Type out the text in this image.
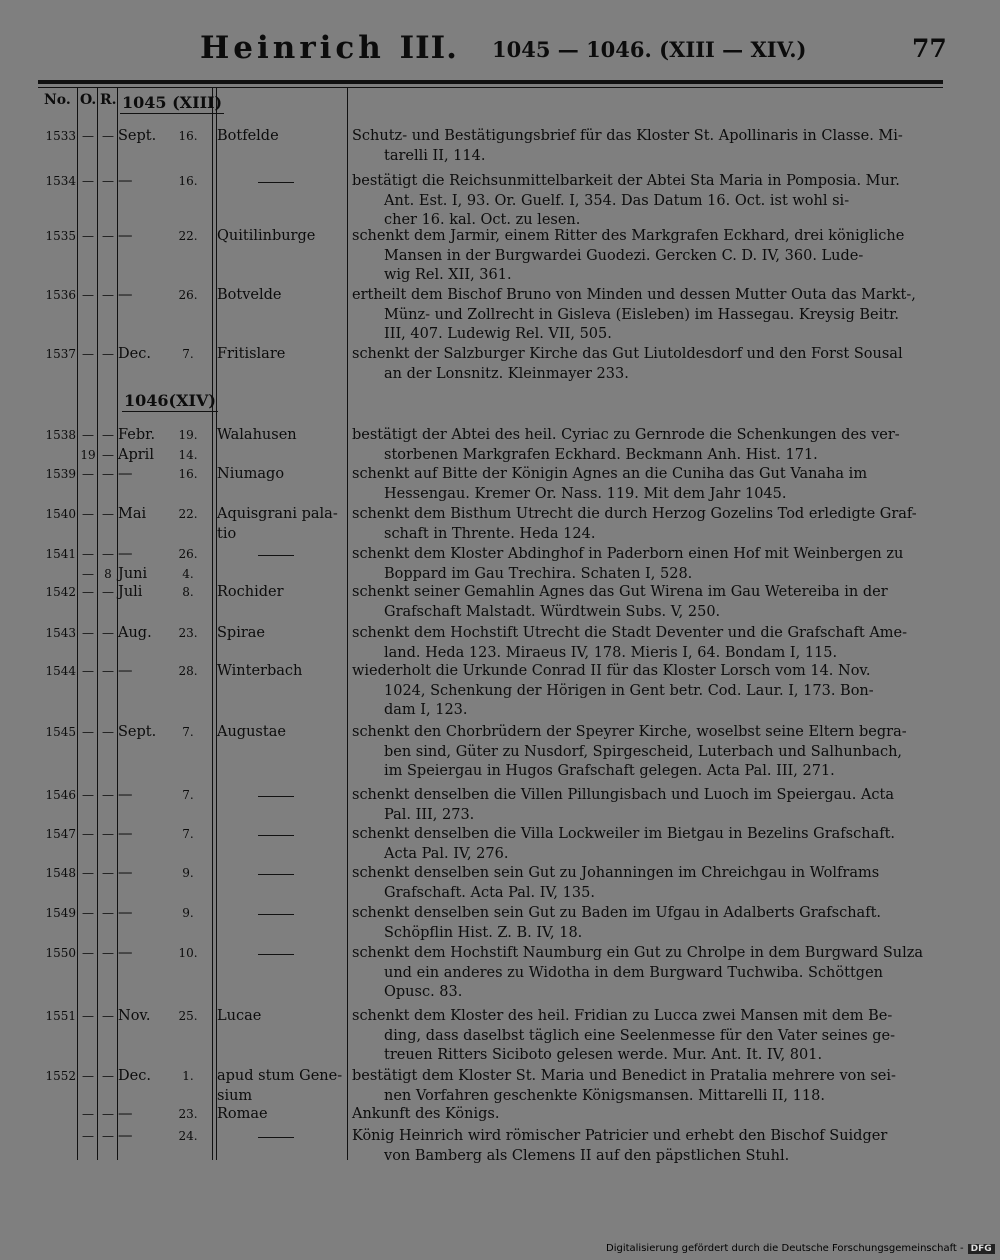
Heinrich III. 1045 — 1046. (XIII — XIV.)	77
No. O. R. 1045 (XIII)
1046(XIV)
1533 — — Sept.	16.	Botfelde	Schutz- und Bestätigungsbrief für das Kloster St. Apollinaris in Classe. Mi-
tarelli II, 114.
1534 — — —	16.	bestätigt die Reichsunmittelbarkeit der Abtei Sta Maria in Pomposia. Mur.
Ant. Est. I, 93. Or. Guelf. I, 354. Das Datum 16. Oct. ist wohl si-
cher 16. kal. Oct. zu lesen.
1535 — — —	22.	Quitilinburge	schenkt dem Jarmir, einem Ritter des Markgrafen Eckhard, drei königliche
Mansen in der Burgwardei Guodezi. Gercken C. D. IV, 360. Lude-
wig Rel. XII, 361.
1536 — — —	26.	Botvelde	ertheilt dem Bischof Bruno von Minden und dessen Mutter Outa das Markt-,
Münz- und Zollrecht in Gisleva (Eisleben) im Hassegau. Kreysig Beitr.
III, 407. Ludewig Rel. VII, 505.
1537 — — Dec.	7.	Fritislare	schenkt der Salzburger Kirche das Gut Liutoldesdorf und den Forst Sousal
an der Lonsnitz. Kleinmayer 233.
1538 — — Febr.	19.	Walahusen	bestätigt der Abtei des heil. Cyriac zu Gernrode die Schenkungen des ver-
storbenen Markgrafen Eckhard. Beckmann Anh. Hist. 171.
19 — April	14.
1539 — — —	16.	Niumago	schenkt auf Bitte der Königin Agnes an die Cuniha das Gut Vanaha im
Hessengau. Kremer Or. Nass. 119. Mit dem Jahr 1045.
1540 — — Mai	22.	Aquisgrani pala- tio
schenkt dem Bisthum Utrecht die durch Herzog Gozelins Tod erledigte Graf-
schaft in Thrente. Heda 124.
1541 — — —	26.	schenkt dem Kloster Abdinghof in Paderborn einen Hof mit Weinbergen zu
Boppard im Gau Trechira. Schaten I, 528.
— 8 Juni	4.
1542 — — Juli	8.	Rochider	schenkt seiner Gemahlin Agnes das Gut Wirena im Gau Wetereiba in der
Grafschaft Malstadt. Würdtwein Subs. V, 250.
1543 — — Aug.	23.	Spirae	schenkt dem Hochstift Utrecht die Stadt Deventer und die Grafschaft Ame-
land. Heda 123. Miraeus IV, 178. Mieris I, 64. Bondam I, 115.
1544 — — —	28.	Winterbach	wiederholt die Urkunde Conrad II für das Kloster Lorsch vom 14. Nov.
1024, Schenkung der Hörigen in Gent betr. Cod. Laur. I, 173. Bon-
dam I, 123.
1545 — — Sept.	7.	Augustae	schenkt den Chorbrüdern der Speyrer Kirche, woselbst seine Eltern begra-
ben sind, Güter zu Nusdorf, Spirgescheid, Luterbach und Salhunbach,
im Speiergau in Hugos Grafschaft gelegen. Acta Pal. III, 271.
1546 — — —	7.	schenkt denselben die Villen Pillungisbach und Luoch im Speiergau. Acta
Pal. III, 273.
1547 — — —	7.	schenkt denselben die Villa Lockweiler im Bietgau in Bezelins Grafschaft.
Acta Pal. IV, 276.
1548 — — —	9.	schenkt denselben sein Gut zu Johanningen im Chreichgau in Wolframs
Grafschaft. Acta Pal. IV, 135.
1549 — — —	9.	schenkt denselben sein Gut zu Baden im Ufgau in Adalberts Grafschaft.
Schöpflin Hist. Z. B. IV, 18.
1550 — — —	10.	schenkt dem Hochstift Naumburg ein Gut zu Chrolpe in dem Burgward Sulza
und ein anderes zu Widotha in dem Burgward Tuchwiba. Schöttgen
Opusc. 83.
1551 — — Nov.	25.	Lucae	schenkt dem Kloster des heil. Fridian zu Lucca zwei Mansen mit dem Be-
ding, dass daselbst täglich eine Seelenmesse für den Vater seines ge-
treuen Ritters Siciboto gelesen werde. Mur. Ant. It. IV, 801.
1552 — — Dec.	1.	apud stum Gene- sium
bestätigt dem Kloster St. Maria und Benedict in Pratalia mehrere von sei-
nen Vorfahren geschenkte Königsmansen. Mittarelli II, 118.
— — —	23.	Romae	Ankunft des Königs.
— — —	24.	König Heinrich wird römischer Patricier und erhebt den Bischof Suidger
von Bamberg als Clemens II auf den päpstlichen Stuhl.
Digitalisierung gefördert durch die Deutsche Forschungsgemeinschaft - DFG
